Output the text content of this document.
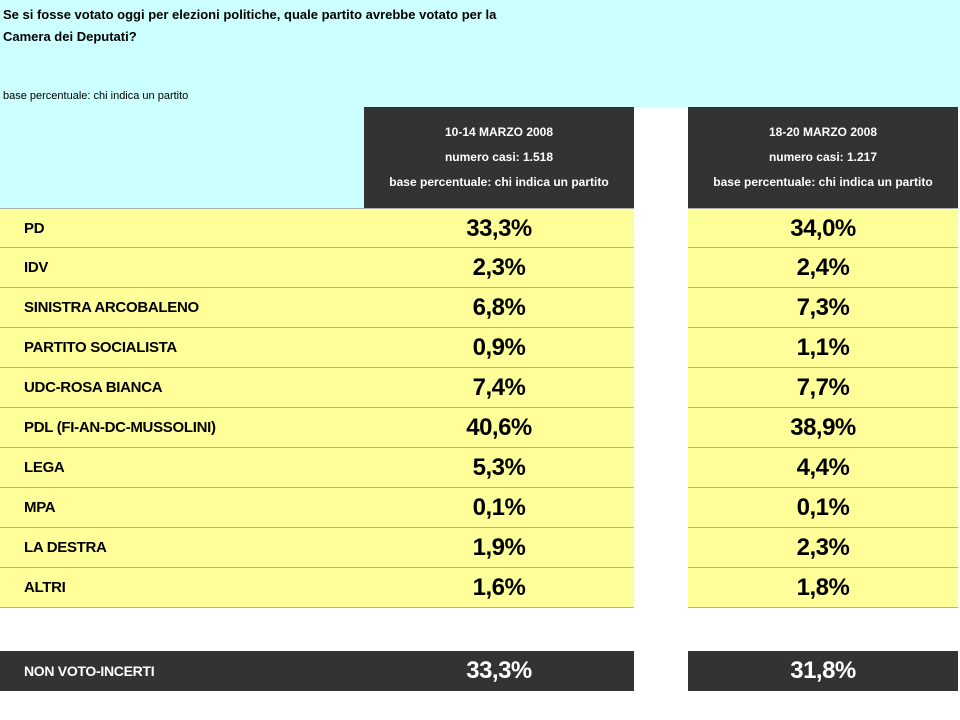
Se si fosse votato oggi per elezioni politiche, quale partito avrebbe votato per la Camera dei Deputati?
base percentuale: chi indica un partito
10-14 MARZO 2008
numero casi: 1.518
base percentuale: chi indica un partito
18-20 MARZO 2008
numero casi: 1.217
base percentuale: chi indica un partito
PD	33,3%	34,0%
IDV	2,3%	2,4%
SINISTRA ARCOBALENO	6,8%	7,3%
PARTITO SOCIALISTA	0,9%	1,1%
UDC-ROSA BIANCA	7,4%	7,7%
PDL (FI-AN-DC-MUSSOLINI)	40,6%	38,9%
LEGA	5,3%	4,4%
MPA	0,1%	0,1%
LA DESTRA	1,9%	2,3%
ALTRI	1,6%	1,8%
NON VOTO-INCERTI	33,3%	31,8%
